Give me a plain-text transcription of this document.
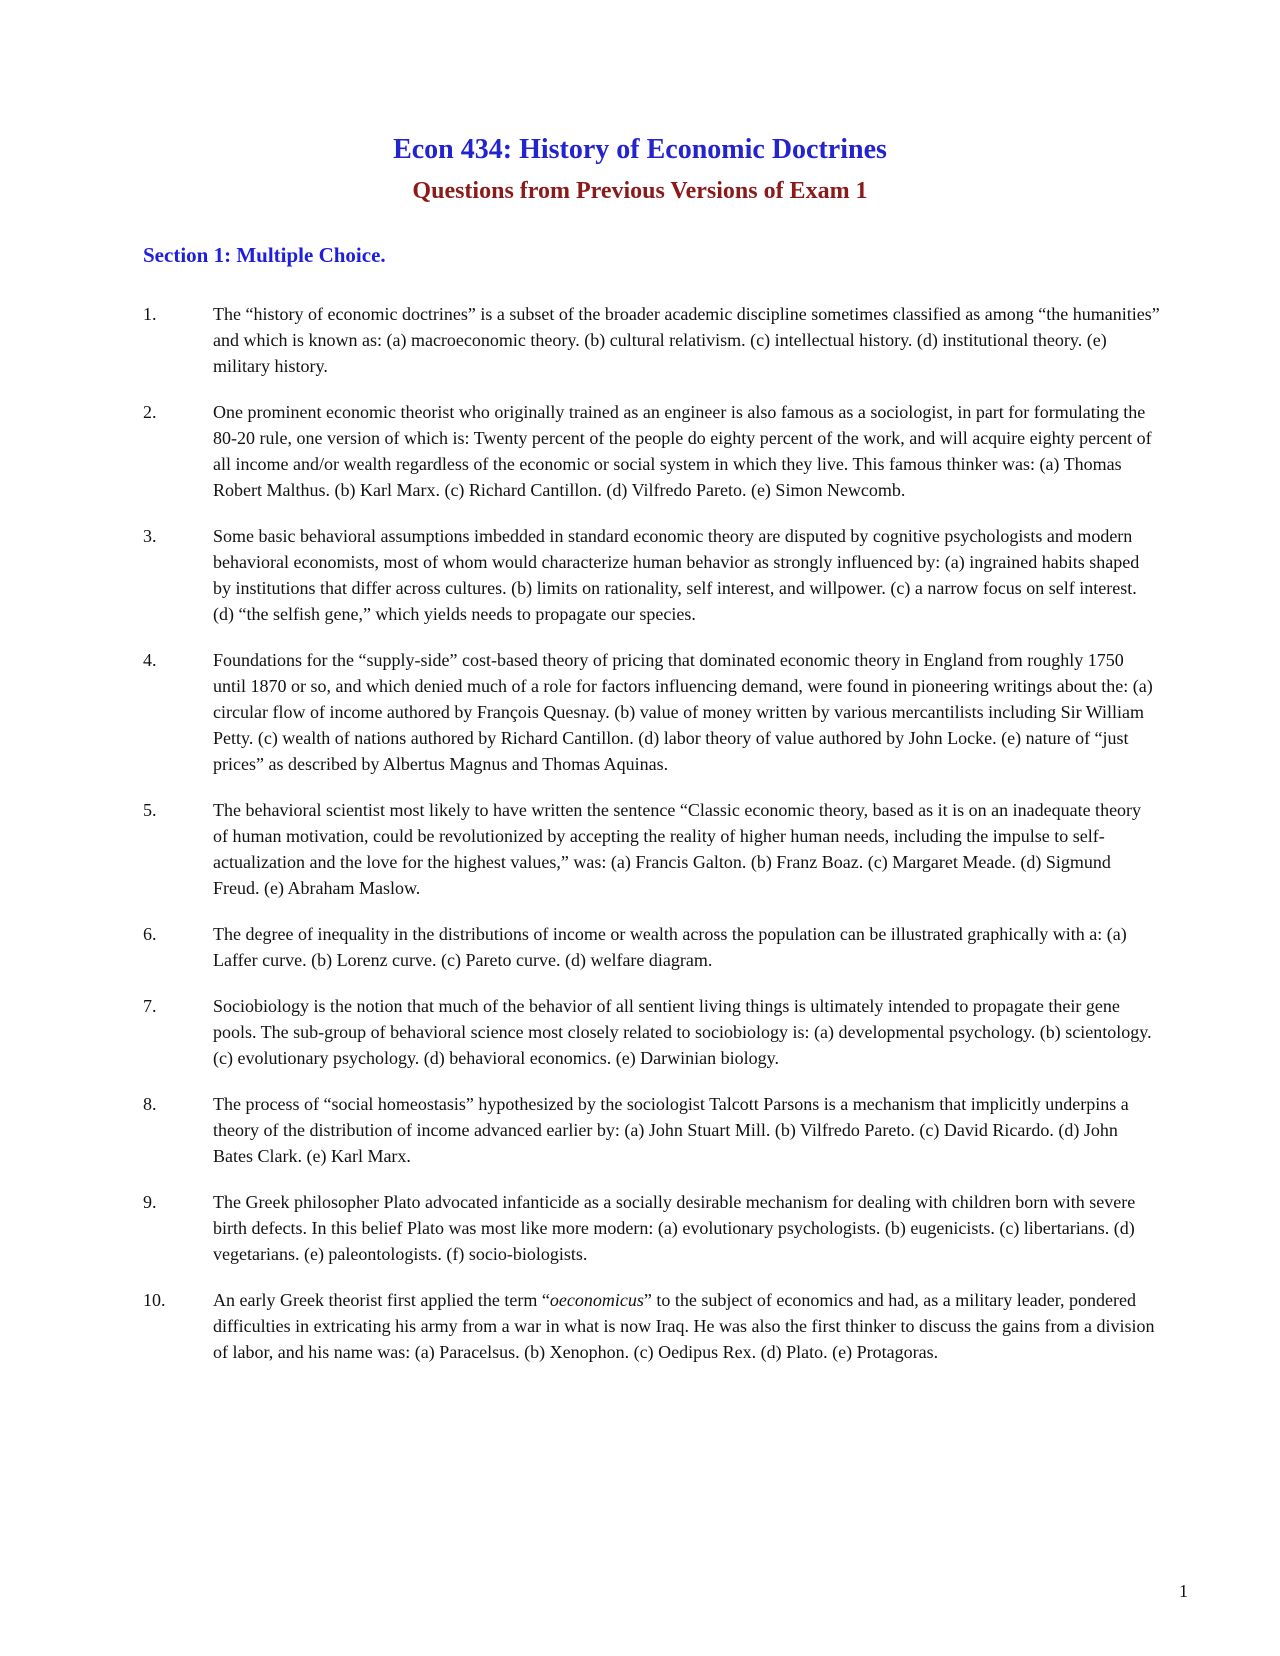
Econ 434: History of Economic Doctrines
Questions from Previous Versions of Exam 1
Section 1: Multiple Choice.
1.	The “history of economic doctrines” is a subset of the broader academic discipline sometimes classified as among “the humanities” and which is known as: (a) macroeconomic theory. (b) cultural relativism. (c) intellectual history. (d) institutional theory. (e) military history.
2.	One prominent economic theorist who originally trained as an engineer is also famous as a sociologist, in part for formulating the 80-20 rule, one version of which is: Twenty percent of the people do eighty percent of the work, and will acquire eighty percent of all income and/or wealth regardless of the economic or social system in which they live. This famous thinker was: (a) Thomas Robert Malthus. (b) Karl Marx. (c) Richard Cantillon. (d) Vilfredo Pareto. (e) Simon Newcomb.
3.	Some basic behavioral assumptions imbedded in standard economic theory are disputed by cognitive psychologists and modern behavioral economists, most of whom would characterize human behavior as strongly influenced by: (a) ingrained habits shaped by institutions that differ across cultures. (b) limits on rationality, self interest, and willpower. (c) a narrow focus on self interest. (d) “the selfish gene,” which yields needs to propagate our species.
4.	Foundations for the “supply-side” cost-based theory of pricing that dominated economic theory in England from roughly 1750 until 1870 or so, and which denied much of a role for factors influencing demand, were found in pioneering writings about the: (a) circular flow of income authored by François Quesnay. (b) value of money written by various mercantilists including Sir William Petty. (c) wealth of nations authored by Richard Cantillon. (d) labor theory of value authored by John Locke. (e) nature of “just prices” as described by Albertus Magnus and Thomas Aquinas.
5.	The behavioral scientist most likely to have written the sentence “Classic economic theory, based as it is on an inadequate theory of human motivation, could be revolutionized by accepting the reality of higher human needs, including the impulse to self-actualization and the love for the highest values,” was: (a) Francis Galton. (b) Franz Boaz. (c) Margaret Meade. (d) Sigmund Freud. (e) Abraham Maslow.
6.	The degree of inequality in the distributions of income or wealth across the population can be illustrated graphically with a: (a) Laffer curve. (b) Lorenz curve. (c) Pareto curve. (d) welfare diagram.
7.	Sociobiology is the notion that much of the behavior of all sentient living things is ultimately intended to propagate their gene pools. The sub-group of behavioral science most closely related to sociobiology is: (a) developmental psychology. (b) scientology. (c) evolutionary psychology. (d) behavioral economics. (e) Darwinian biology.
8.	The process of “social homeostasis” hypothesized by the sociologist Talcott Parsons is a mechanism that implicitly underpins a theory of the distribution of income advanced earlier by: (a) John Stuart Mill. (b) Vilfredo Pareto. (c) David Ricardo. (d) John Bates Clark. (e) Karl Marx.
9.	The Greek philosopher Plato advocated infanticide as a socially desirable mechanism for dealing with children born with severe birth defects. In this belief Plato was most like more modern: (a) evolutionary psychologists. (b) eugenicists. (c) libertarians. (d) vegetarians. (e) paleontologists. (f) socio-biologists.
10.	An early Greek theorist first applied the term “oeconomicus” to the subject of economics and had, as a military leader, pondered difficulties in extricating his army from a war in what is now Iraq. He was also the first thinker to discuss the gains from a division of labor, and his name was: (a) Paracelsus. (b) Xenophon. (c) Oedipus Rex. (d) Plato. (e) Protagoras.
1
